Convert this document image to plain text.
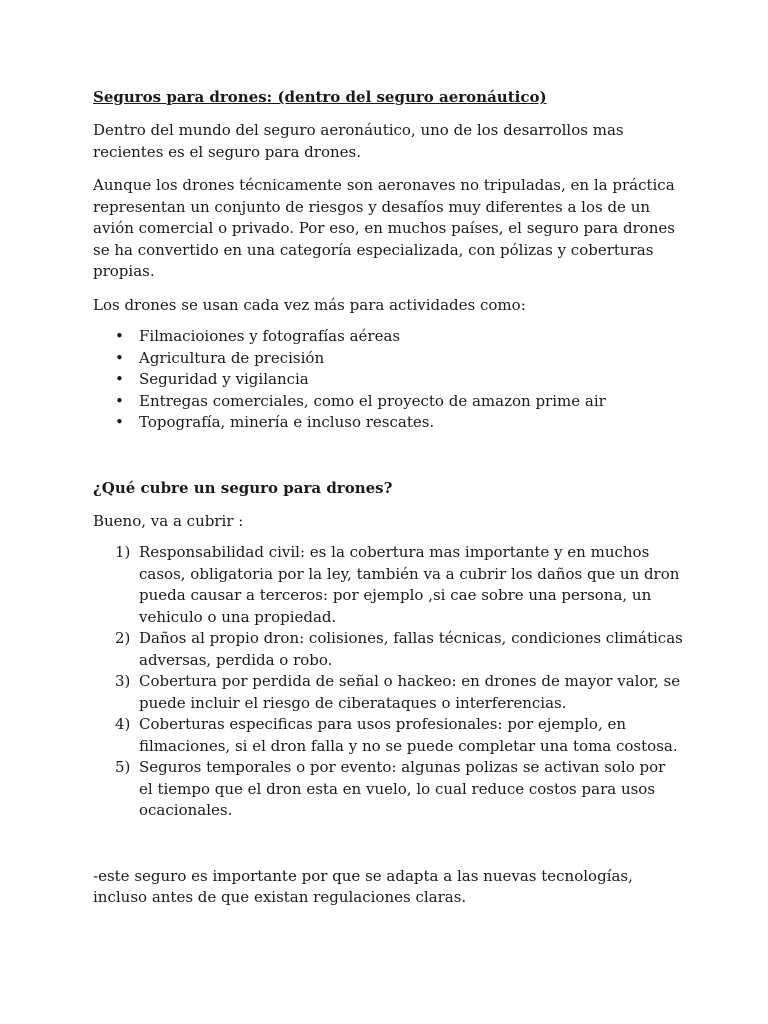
Seguros para drones: (dentro del seguro aeronáutico)

Dentro del mundo del seguro aeronáutico, uno de los desarrollos mas recientes es el seguro para drones.

Aunque los drones técnicamente son aeronaves no tripuladas, en la práctica representan un conjunto de riesgos y desafíos muy diferentes a los de un avión comercial o privado. Por eso, en muchos países, el seguro para drones se ha convertido en una categoría especializada, con pólizas y coberturas propias.

Los drones se usan cada vez más para actividades como:

• Filmacioiones y fotografías aéreas
• Agricultura de precisión
• Seguridad y vigilancia
• Entregas comerciales, como el proyecto de amazon prime air
• Topografía, minería e incluso rescates.
¿Qué cubre un seguro para drones?

Bueno, va a cubrir :

1) Responsabilidad civil: es la cobertura mas importante y en muchos casos, obligatoria por la ley, también va a cubrir los daños que un dron pueda causar a terceros: por ejemplo ,si cae sobre una persona, un vehiculo o una propiedad.
2) Daños al propio dron: colisiones, fallas técnicas, condiciones climáticas adversas, perdida o robo.
3) Cobertura por perdida de señal o hackeo: en drones de mayor valor, se puede incluir el riesgo de ciberataques o interferencias.
4) Coberturas especificas para usos profesionales: por ejemplo, en filmaciones, si el dron falla y no se puede completar una toma costosa.
5) Seguros temporales o por evento: algunas polizas se activan solo por el tiempo que el dron esta en vuelo, lo cual reduce costos para usos ocacionales.

-este seguro es importante por que se adapta a las nuevas tecnologías, incluso antes de que existan regulaciones claras.
